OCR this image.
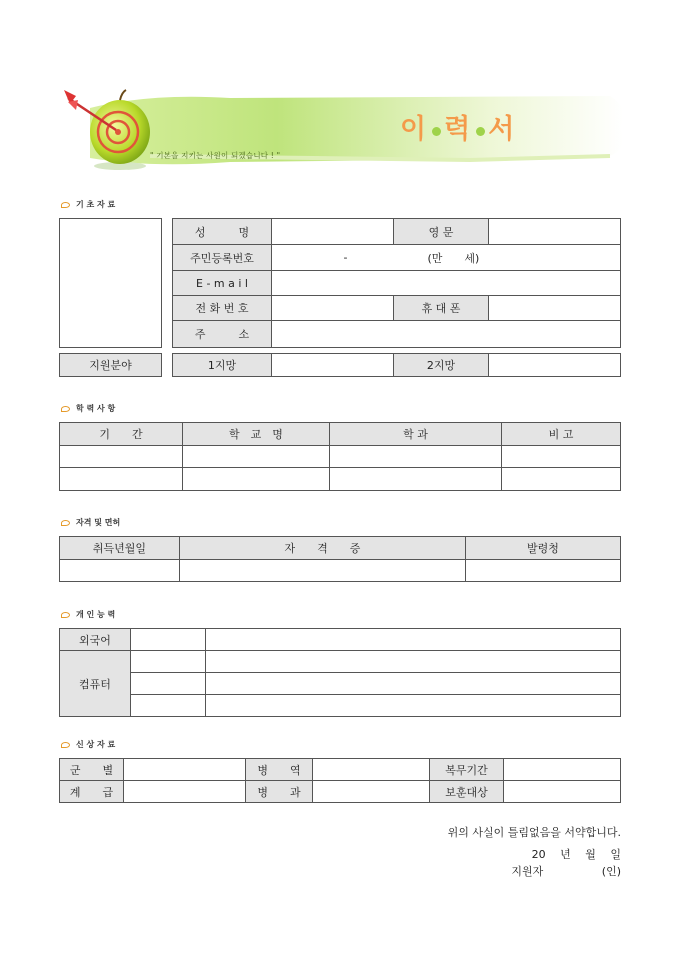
" 기본을 지키는 사원이 되겠습니다 ! "
이 력 서
기 초 자 료
성　　　명		영 문	
주민등록번호	-	(만　　세)	
E - m a i l			
전 화 번 호		휴 대 폰	
주　　　소			
지원분야	1지망		2지망	
학 력 사 항
기　　간	학　교　명	학 과	비 고

자격 및 면허
취득년월일	자　　격　　증	발령청

개 인 능 력
외국어		
컴퓨터		

신 상 자 료
군　　별		병　　역		복무기간	
계　　급		병　　과		보훈대상	
위의 사실이 틀림없음을 서약합니다.
20　 년　 월　 일
지원자　　　　　 (인)
